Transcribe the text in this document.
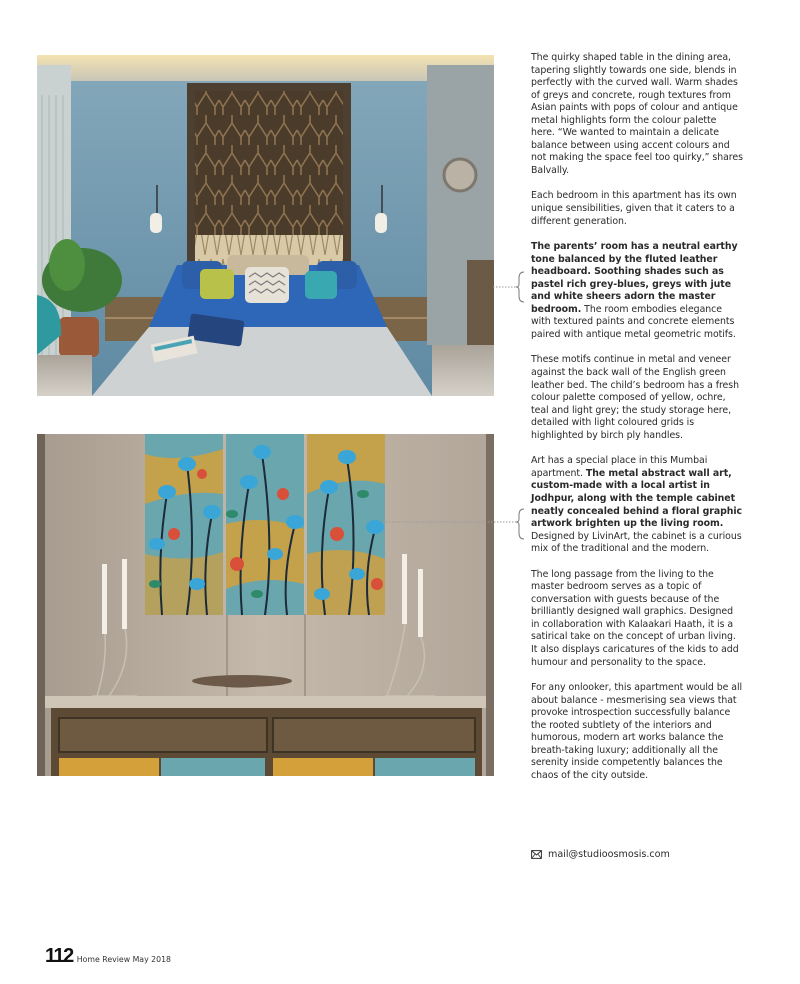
The quirky shaped table in the dining area, tapering slightly towards one side, blends in perfectly with the curved wall. Warm shades of greys and concrete, rough textures from Asian paints with pops of colour and antique metal highlights form the colour palette here. “We wanted to maintain a delicate balance between using accent colours and not making the space feel too quirky,” shares Balvally.

Each bedroom in this apartment has its own unique sensibilities, given that it caters to a different generation.

The parents’ room has a neutral earthy tone balanced by the fluted leather headboard. Soothing shades such as pastel rich grey-blues, greys with jute and white sheers adorn the master bedroom. The room embodies elegance with textured paints and concrete elements paired with antique metal geometric motifs.

These motifs continue in metal and veneer against the back wall of the English green leather bed. The child’s bedroom has a fresh colour palette composed of yellow, ochre, teal and light grey; the study storage here, detailed with light coloured grids is highlighted by birch ply handles.

Art has a special place in this Mumbai apartment. The metal abstract wall art, custom-made with a local artist in Jodhpur, along with the temple cabinet neatly concealed behind a floral graphic artwork brighten up the living room. Designed by LivinArt, the cabinet is a curious mix of the traditional and the modern.

The long passage from the living to the master bedroom serves as a topic of conversation with guests because of the brilliantly designed wall graphics. Designed in collaboration with Kalaakari Haath, it is a satirical take on the concept of urban living. It also displays caricatures of the kids to add humour and personality to the space.

For any onlooker, this apartment would be all about balance - mesmerising sea views that provoke introspection successfully balance the rooted subtlety of the interiors and humorous, modern art works balance the breath-taking luxury; additionally all the serenity inside competently balances the chaos of the city outside.

mail@studioosmosis.com
112 Home Review May 2018
